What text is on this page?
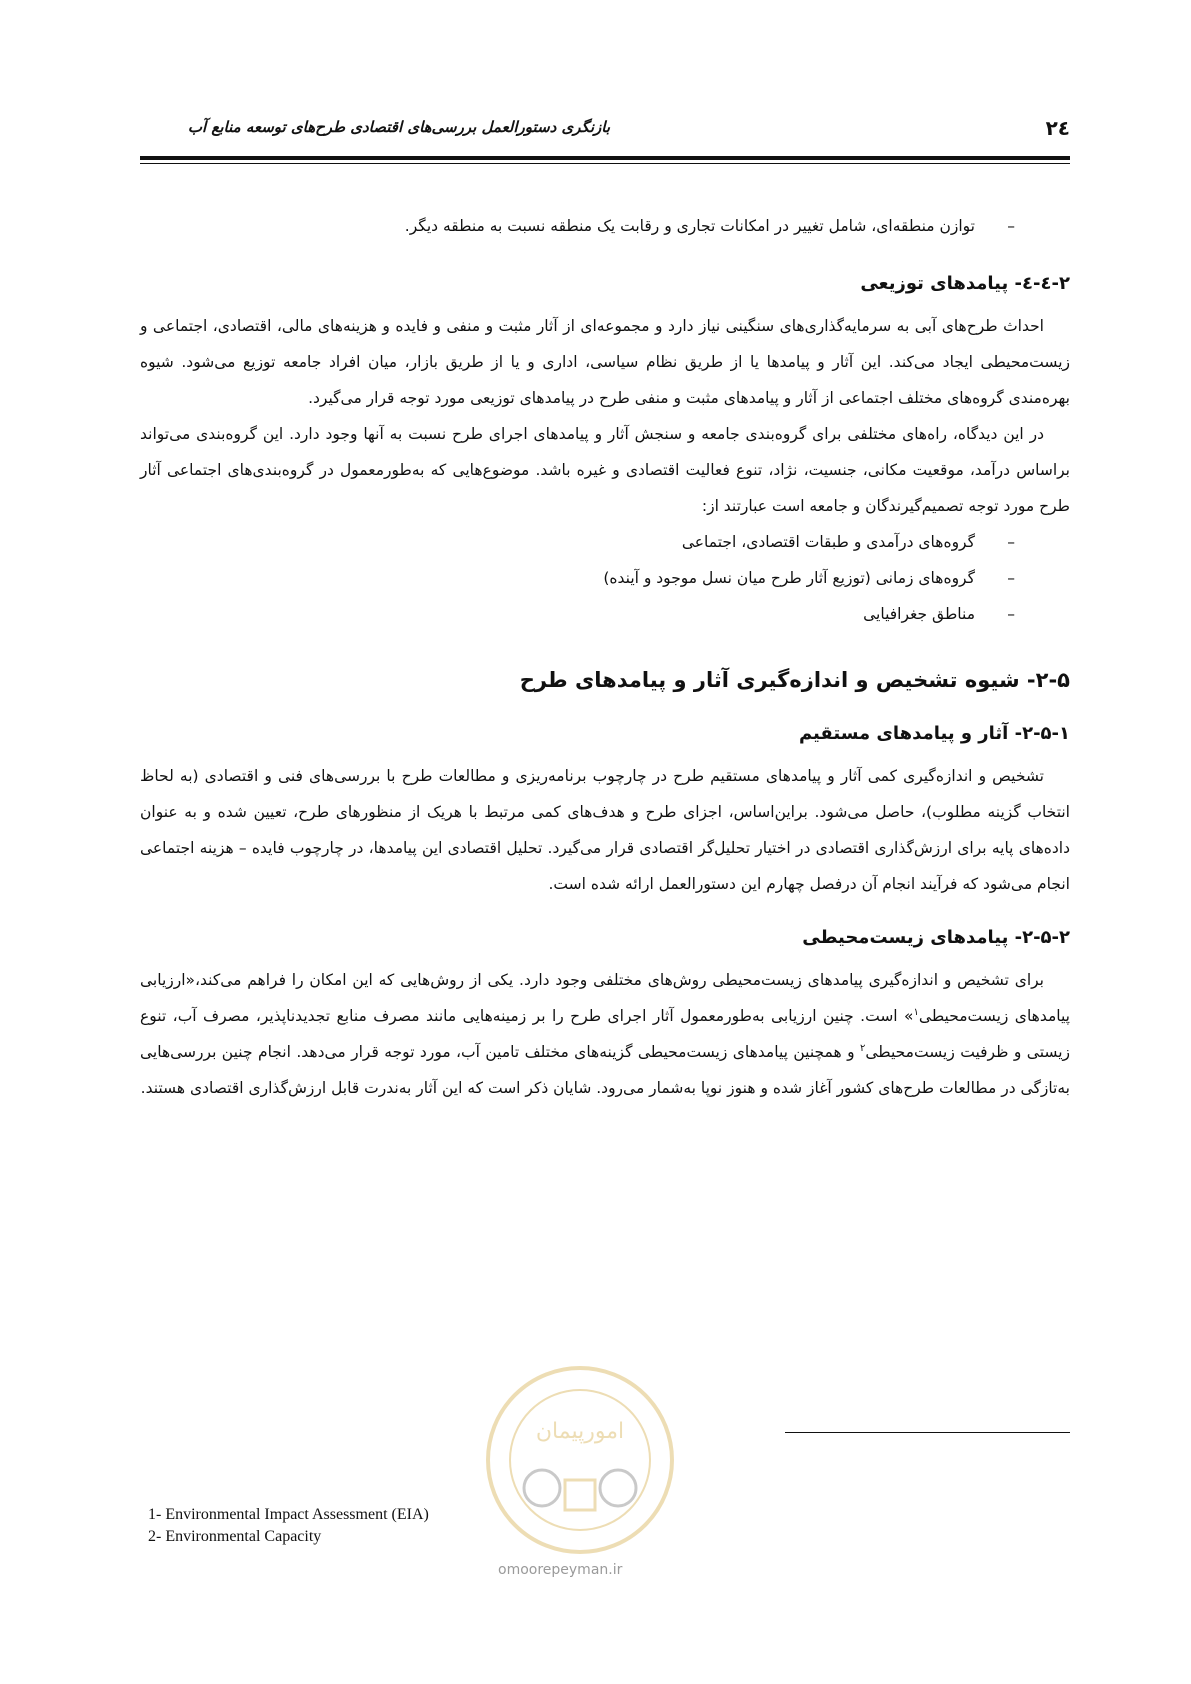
بازنگری دستورالعمل بررسی‌های اقتصادی طرح‌های توسعه منابع آب	۲٤

–
توازن منطقه‌ای، شامل تغییر در امکانات تجاری و رقابت یک منطقه نسبت به منطقه دیگر.

۲-٤-٤- پیامدهای توزیعی

احداث طرح‌های آبی به سرمایه‌گذاری‌های سنگینی نیاز دارد و مجموعه‌ای از آثار مثبت و منفی و فایده و هزینه‌های مالی، اقتصادی، اجتماعی و زیست‌محیطی ایجاد می‌کند. این آثار و پیامدها یا از طریق نظام سیاسی، اداری و یا از طریق بازار، میان افراد جامعه توزیع می‌شود. شیوه بهره‌مندی گروه‌های مختلف اجتماعی از آثار و پیامدهای مثبت و منفی طرح در پیامدهای توزیعی مورد توجه قرار می‌گیرد.

در این دیدگاه، راه‌های مختلفی برای گروه‌بندی جامعه و سنجش آثار و پیامدهای اجرای طرح نسبت به آنها وجود دارد. این گروه‌بندی می‌تواند براساس درآمد، موقعیت مکانی، جنسیت، نژاد، تنوع فعالیت اقتصادی و غیره باشد. موضوع‌هایی که به‌طورمعمول در گروه‌بندی‌های اجتماعی آثار طرح مورد توجه تصمیم‌گیرندگان و جامعه است عبارتند از:

–
گروه‌های درآمدی و طبقات اقتصادی، اجتماعی

–
گروه‌های زمانی (توزیع آثار طرح میان نسل موجود و آینده)

–
مناطق جغرافیایی

۲-۵- شیوه تشخیص و اندازه‌گیری آثار و پیامدهای طرح
۲-۵-۱- آثار و پیامدهای مستقیم

تشخیص و اندازه‌گیری کمی آثار و پیامدهای مستقیم طرح در چارچوب برنامه‌ریزی و مطالعات طرح با بررسی‌های فنی و اقتصادی (به لحاظ انتخاب گزینه مطلوب)، حاصل می‌شود. براین‌اساس، اجزای طرح و هدف‌های کمی مرتبط با هریک از منظورهای طرح، تعیین شده و به عنوان داده‌های پایه برای ارزش‌گذاری اقتصادی در اختیار تحلیل‌گر اقتصادی قرار می‌گیرد. تحلیل اقتصادی این پیامدها، در چارچوب فایده – هزینه اجتماعی انجام می‌شود که فرآیند انجام آن درفصل چهارم این دستورالعمل ارائه شده است.

۲-۵-۲- پیامدهای زیست‌محیطی

برای تشخیص و اندازه‌گیری پیامدهای زیست‌محیطی روش‌های مختلفی وجود دارد. یکی از روش‌هایی که این امکان را فراهم می‌کند،«ارزیابی پیامدهای زیست‌محیطی$^۱$» است. چنین ارزیابی به‌طورمعمول آثار اجرای طرح را بر زمینه‌هایی مانند مصرف منابع تجدیدناپذیر، مصرف آب، تنوع زیستی و ظرفیت زیست‌محیطی$^۲$ و همچنین پیامدهای زیست‌محیطی گزینه‌های مختلف تامین آب، مورد توجه قرار می‌دهد. انجام چنین بررسی‌هایی به‌تازگی در مطالعات طرح‌های کشور آغاز شده و هنوز نوپا به‌شمار می‌رود. شایان ذکر است که این آثار به‌ندرت قابل ارزش‌گذاری اقتصادی هستند.

امورپیمان
omoorepeyman.ir
1- Environmental Impact Assessment (EIA)
2- Environmental Capacity
